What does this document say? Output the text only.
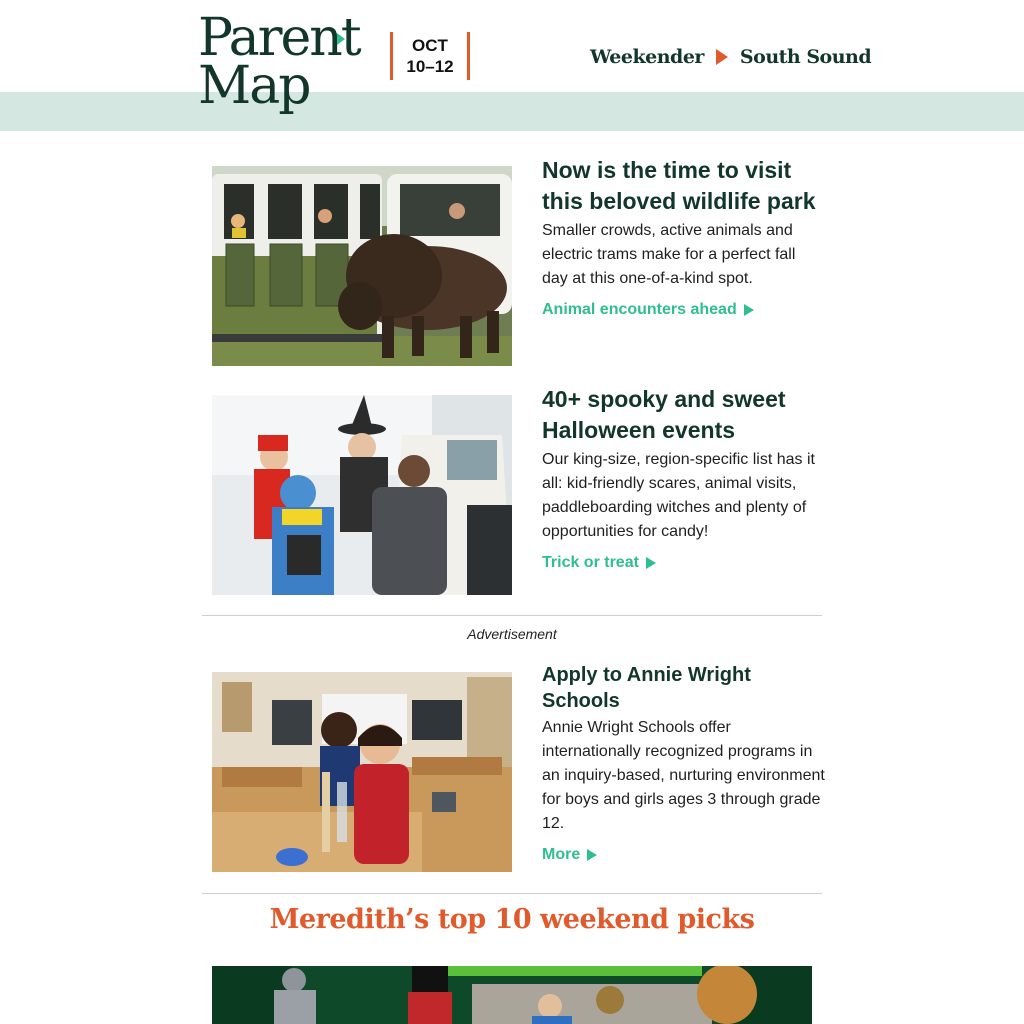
Parent
Map
OCT
10–12	Weekender South Sound
Now is the time to visit this beloved wildlife park

Smaller crowds, active animals and electric trams make for a perfect fall day at this one-of-a-kind spot.

Animal encounters ahead
40+ spooky and sweet Halloween events

Our king-size, region-specific list has it all: kid-friendly scares, animal visits, paddleboarding witches and plenty of opportunities for candy!

Trick or treat
Advertisement
Apply to Annie Wright Schools

Annie Wright Schools offer internationally recognized programs in an inquiry-based, nurturing environment for boys and girls ages 3 through grade 12.

More
Meredith’s top 10 weekend picks
